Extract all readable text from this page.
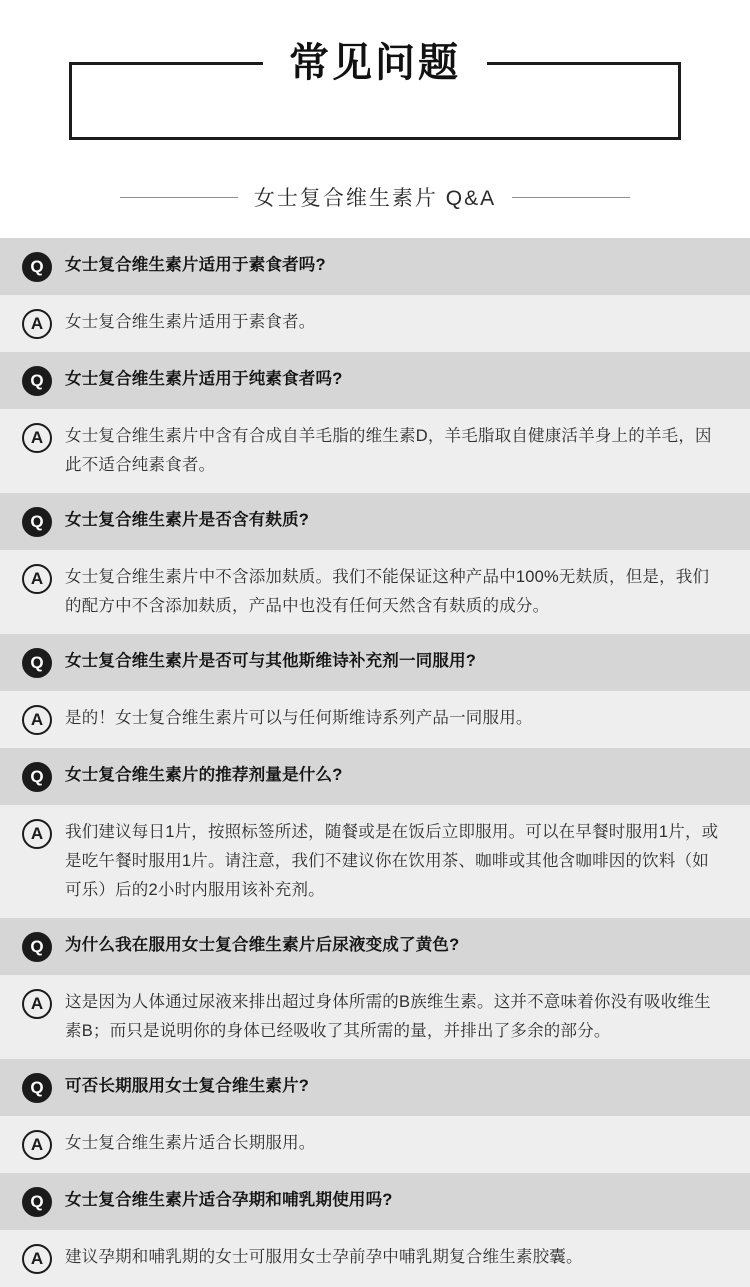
常见问题
女士复合维生素片 Q&A
Q	女士复合维生素片适用于素食者吗?
A	女士复合维生素片适用于素食者。
Q	女士复合维生素片适用于纯素食者吗?
A	女士复合维生素片中含有合成自羊毛脂的维生素D，羊毛脂取自健康活羊身上的羊毛，因此不适合纯素食者。
Q	女士复合维生素片是否含有麸质?
A	女士复合维生素片中不含添加麸质。我们不能保证这种产品中100%无麸质，但是，我们的配方中不含添加麸质，产品中也没有任何天然含有麸质的成分。
Q	女士复合维生素片是否可与其他斯维诗补充剂一同服用?
A	是的！女士复合维生素片可以与任何斯维诗系列产品一同服用。
Q	女士复合维生素片的推荐剂量是什么?
A	我们建议每日1片，按照标签所述，随餐或是在饭后立即服用。可以在早餐时服用1片，或是吃午餐时服用1片。请注意，我们不建议你在饮用茶、咖啡或其他含咖啡因的饮料（如可乐）后的2小时内服用该补充剂。
Q	为什么我在服用女士复合维生素片后尿液变成了黄色?
A	这是因为人体通过尿液来排出超过身体所需的B族维生素。这并不意味着你没有吸收维生素B；而只是说明你的身体已经吸收了其所需的量，并排出了多余的部分。
Q	可否长期服用女士复合维生素片?
A	女士复合维生素片适合长期服用。
Q	女士复合维生素片适合孕期和哺乳期使用吗?
A	建议孕期和哺乳期的女士可服用女士孕前孕中哺乳期复合维生素胶囊。
